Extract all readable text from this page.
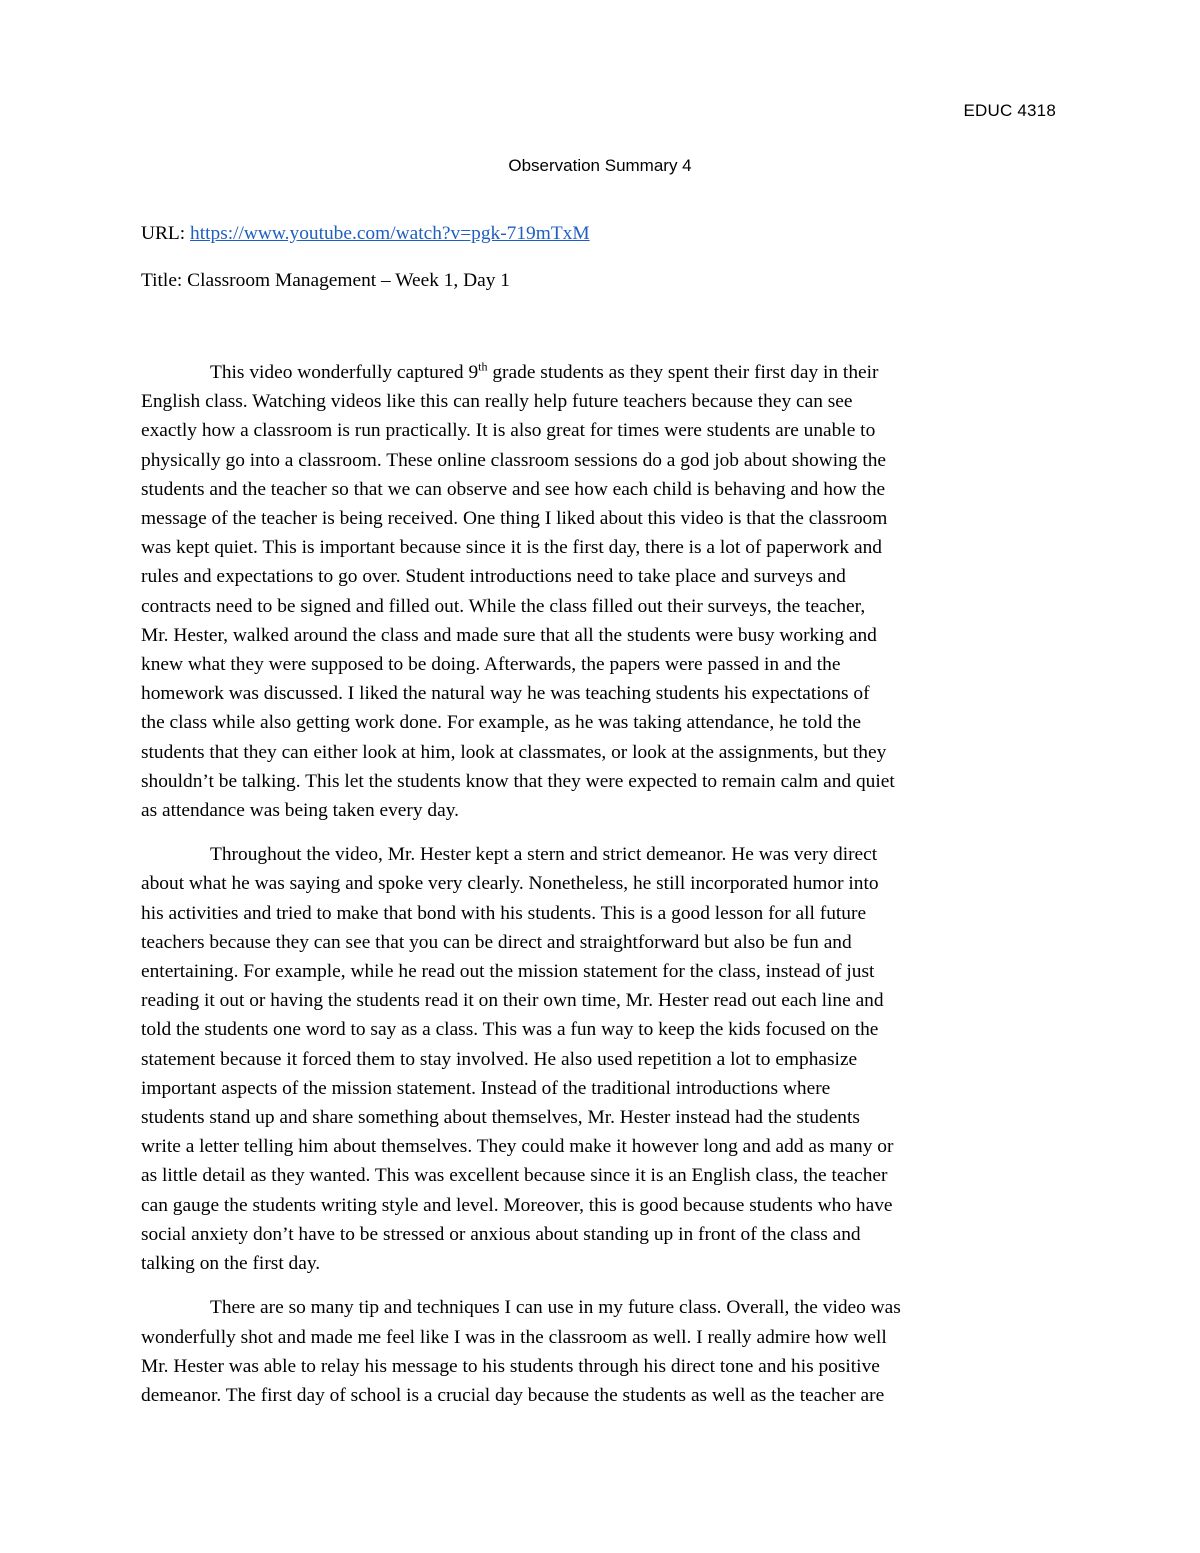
EDUC 4318
Observation Summary 4
URL: https://www.youtube.com/watch?v=pgk-719mTxM
Title: Classroom Management – Week 1, Day 1

This video wonderfully captured 9th grade students as they spent their first day in their
English class. Watching videos like this can really help future teachers because they can see
exactly how a classroom is run practically. It is also great for times were students are unable to
physically go into a classroom. These online classroom sessions do a god job about showing the
students and the teacher so that we can observe and see how each child is behaving and how the
message of the teacher is being received. One thing I liked about this video is that the classroom
was kept quiet. This is important because since it is the first day, there is a lot of paperwork and
rules and expectations to go over. Student introductions need to take place and surveys and
contracts need to be signed and filled out. While the class filled out their surveys, the teacher,
Mr. Hester, walked around the class and made sure that all the students were busy working and
knew what they were supposed to be doing. Afterwards, the papers were passed in and the
homework was discussed. I liked the natural way he was teaching students his expectations of
the class while also getting work done. For example, as he was taking attendance, he told the
students that they can either look at him, look at classmates, or look at the assignments, but they
shouldn’t be talking. This let the students know that they were expected to remain calm and quiet
as attendance was being taken every day.

Throughout the video, Mr. Hester kept a stern and strict demeanor. He was very direct
about what he was saying and spoke very clearly. Nonetheless, he still incorporated humor into
his activities and tried to make that bond with his students. This is a good lesson for all future
teachers because they can see that you can be direct and straightforward but also be fun and
entertaining. For example, while he read out the mission statement for the class, instead of just
reading it out or having the students read it on their own time, Mr. Hester read out each line and
told the students one word to say as a class. This was a fun way to keep the kids focused on the
statement because it forced them to stay involved. He also used repetition a lot to emphasize
important aspects of the mission statement. Instead of the traditional introductions where
students stand up and share something about themselves, Mr. Hester instead had the students
write a letter telling him about themselves. They could make it however long and add as many or
as little detail as they wanted. This was excellent because since it is an English class, the teacher
can gauge the students writing style and level. Moreover, this is good because students who have
social anxiety don’t have to be stressed or anxious about standing up in front of the class and
talking on the first day.

There are so many tip and techniques I can use in my future class. Overall, the video was
wonderfully shot and made me feel like I was in the classroom as well. I really admire how well
Mr. Hester was able to relay his message to his students through his direct tone and his positive
demeanor. The first day of school is a crucial day because the students as well as the teacher are
